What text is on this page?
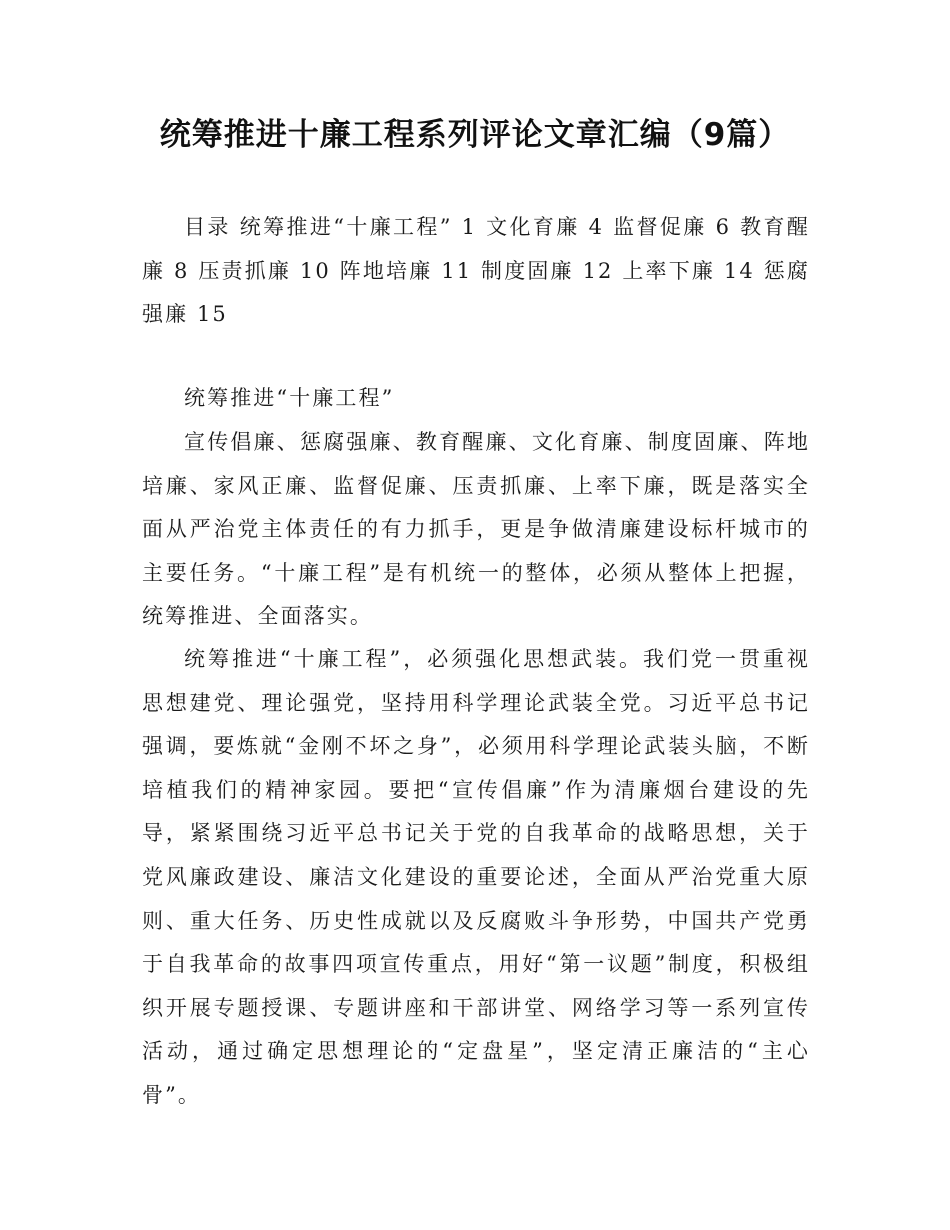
统筹推进十廉工程系列评论文章汇编（9篇）

目录 统筹推进“十廉工程” 1 文化育廉 4 监督促廉 6 教育醒廉 8 压责抓廉 10 阵地培廉 11 制度固廉 12 上率下廉 14 惩腐强廉 15

统筹推进“十廉工程”

宣传倡廉、惩腐强廉、教育醒廉、文化育廉、制度固廉、阵地培廉、家风正廉、监督促廉、压责抓廉、上率下廉，既是落实全面从严治党主体责任的有力抓手，更是争做清廉建设标杆城市的主要任务。“十廉工程”是有机统一的整体，必须从整体上把握，统筹推进、全面落实。

统筹推进“十廉工程”，必须强化思想武装。我们党一贯重视思想建党、理论强党，坚持用科学理论武装全党。习近平总书记强调，要炼就“金刚不坏之身”，必须用科学理论武装头脑，不断培植我们的精神家园。要把“宣传倡廉”作为清廉烟台建设的先导，紧紧围绕习近平总书记关于党的自我革命的战略思想，关于党风廉政建设、廉洁文化建设的重要论述，全面从严治党重大原则、重大任务、历史性成就以及反腐败斗争形势，中国共产党勇于自我革命的故事四项宣传重点，用好“第一议题”制度，积极组织开展专题授课、专题讲座和干部讲堂、网络学习等一系列宣传活动，通过确定思想理论的“定盘星”，坚定清正廉洁的“主心骨”。
